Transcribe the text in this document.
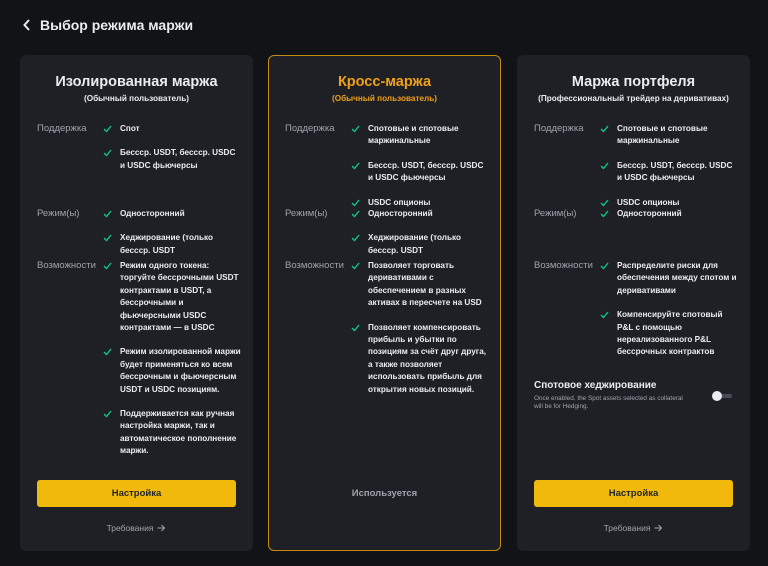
Выбор режима маржи
Изолированная маржа
(Обычный пользователь)
Поддержка	Спот
Бессср. USDT, бессср. USDC и USDC фьючерсы
Режим(ы)	Односторонний
Хеджирование (только бессср. USDT
Возможности	Режим одного токена: торгуйте бессрочными USDT контрактами в USDT, а бессрочными и фьючерсными USDC контрактами — в USDC
Режим изолированной маржи будет применяться ко всем бессрочным и фьючерсным USDT и USDC позициям.
Поддерживается как ручная настройка маржи, так и автоматическое пополнение маржи.
Настройка
Требования
Кросс-маржа
(Обычный пользователь)
Поддержка	Спотовые и спотовые маржинальные
Бессср. USDT, бессср. USDC и USDC фьючерсы
USDC опционы
Режим(ы)	Односторонний
Хеджирование (только бессср. USDT
Возможности	Позволяет торговать деривативами с обеспечением в разных активах в пересчете на USD
Позволяет компенсировать прибыль и убытки по позициям за счёт друг друга, а также позволяет использовать прибыль для открытия новых позиций.
Используется
Маржа портфеля
(Профессиональный трейдер на деривативах)
Поддержка	Спотовые и спотовые маржинальные
Бессср. USDT, бессср. USDC и USDC фьючерсы
USDC опционы
Режим(ы)	Односторонний
Возможности	Распределите риски для обеспечения между спотом и деривативами
Компенсируйте спотовый P&L с помощью нереализованного P&L бессрочных контрактов
Спотовое хеджирование
Once enabled, the Spot assets selected as collateral will be for Hedging.
Настройка
Требования
